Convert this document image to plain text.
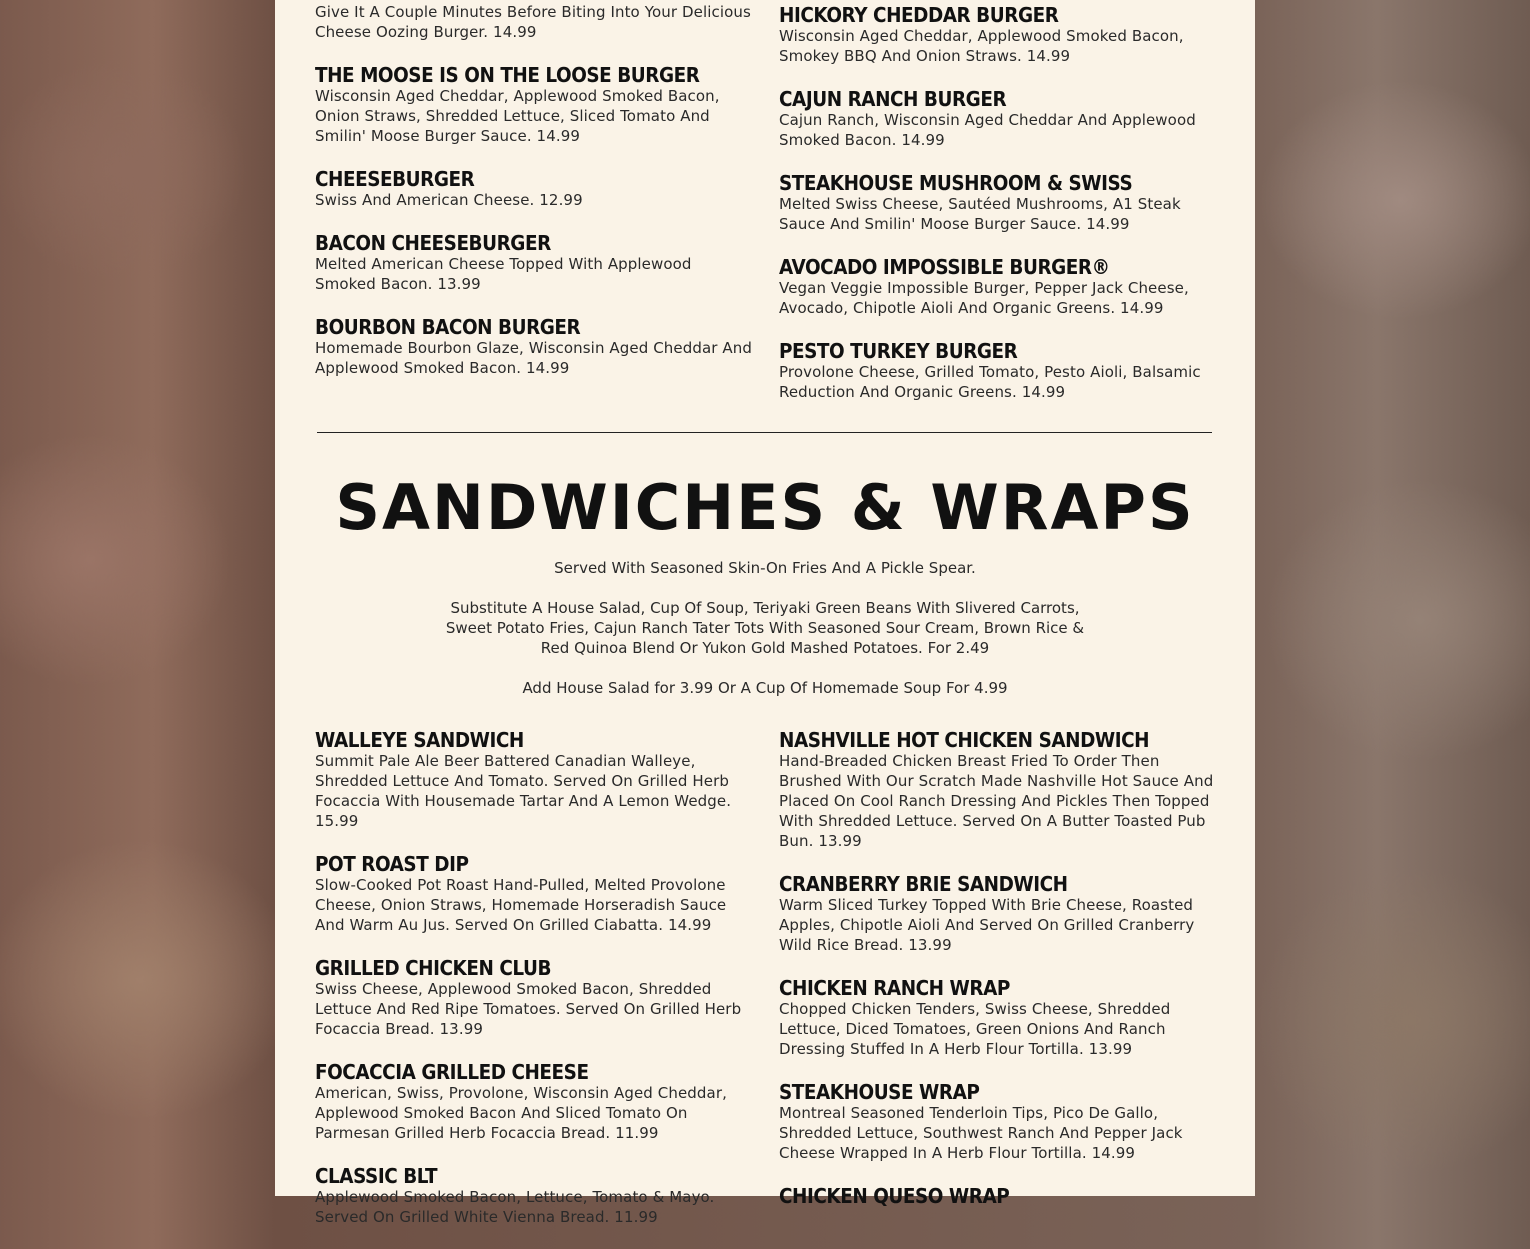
Give It A Couple Minutes Before Biting Into Your Delicious Cheese Oozing Burger. 14.99
THE MOOSE IS ON THE LOOSE BURGER
Wisconsin Aged Cheddar, Applewood Smoked Bacon, Onion Straws, Shredded Lettuce, Sliced Tomato And Smilin' Moose Burger Sauce. 14.99
CHEESEBURGER
Swiss And American Cheese. 12.99
BACON CHEESEBURGER
Melted American Cheese Topped With Applewood Smoked Bacon. 13.99
BOURBON BACON BURGER
Homemade Bourbon Glaze, Wisconsin Aged Cheddar And Applewood Smoked Bacon. 14.99
HICKORY CHEDDAR BURGER
Wisconsin Aged Cheddar, Applewood Smoked Bacon, Smokey BBQ And Onion Straws. 14.99
CAJUN RANCH BURGER
Cajun Ranch, Wisconsin Aged Cheddar And Applewood Smoked Bacon. 14.99
STEAKHOUSE MUSHROOM & SWISS
Melted Swiss Cheese, Sautéed Mushrooms, A1 Steak Sauce And Smilin' Moose Burger Sauce. 14.99
AVOCADO IMPOSSIBLE BURGER®
Vegan Veggie Impossible Burger, Pepper Jack Cheese, Avocado, Chipotle Aioli And Organic Greens. 14.99
PESTO TURKEY BURGER
Provolone Cheese, Grilled Tomato, Pesto Aioli, Balsamic Reduction And Organic Greens. 14.99
SANDWICHES & WRAPS

Served With Seasoned Skin-On Fries And A Pickle Spear.

Substitute A House Salad, Cup Of Soup, Teriyaki Green Beans With Slivered Carrots, Sweet Potato Fries, Cajun Ranch Tater Tots With Seasoned Sour Cream, Brown Rice & Red Quinoa Blend Or Yukon Gold Mashed Potatoes. For 2.49

Add House Salad for 3.99 Or A Cup Of Homemade Soup For 4.99

WALLEYE SANDWICH
Summit Pale Ale Beer Battered Canadian Walleye, Shredded Lettuce And Tomato. Served On Grilled Herb Focaccia With Housemade Tartar And A Lemon Wedge. 15.99
POT ROAST DIP
Slow-Cooked Pot Roast Hand-Pulled, Melted Provolone Cheese, Onion Straws, Homemade Horseradish Sauce And Warm Au Jus. Served On Grilled Ciabatta. 14.99
GRILLED CHICKEN CLUB
Swiss Cheese, Applewood Smoked Bacon, Shredded Lettuce And Red Ripe Tomatoes. Served On Grilled Herb Focaccia Bread. 13.99
FOCACCIA GRILLED CHEESE
American, Swiss, Provolone, Wisconsin Aged Cheddar, Applewood Smoked Bacon And Sliced Tomato On Parmesan Grilled Herb Focaccia Bread. 11.99
CLASSIC BLT
Applewood Smoked Bacon, Lettuce, Tomato & Mayo. Served On Grilled White Vienna Bread. 11.99
NASHVILLE HOT CHICKEN SANDWICH
Hand-Breaded Chicken Breast Fried To Order Then Brushed With Our Scratch Made Nashville Hot Sauce And Placed On Cool Ranch Dressing And Pickles Then Topped With Shredded Lettuce. Served On A Butter Toasted Pub Bun. 13.99
CRANBERRY BRIE SANDWICH
Warm Sliced Turkey Topped With Brie Cheese, Roasted Apples, Chipotle Aioli And Served On Grilled Cranberry Wild Rice Bread. 13.99
CHICKEN RANCH WRAP
Chopped Chicken Tenders, Swiss Cheese, Shredded Lettuce, Diced Tomatoes, Green Onions And Ranch Dressing Stuffed In A Herb Flour Tortilla. 13.99
STEAKHOUSE WRAP
Montreal Seasoned Tenderloin Tips, Pico De Gallo, Shredded Lettuce, Southwest Ranch And Pepper Jack Cheese Wrapped In A Herb Flour Tortilla. 14.99
CHICKEN QUESO WRAP
